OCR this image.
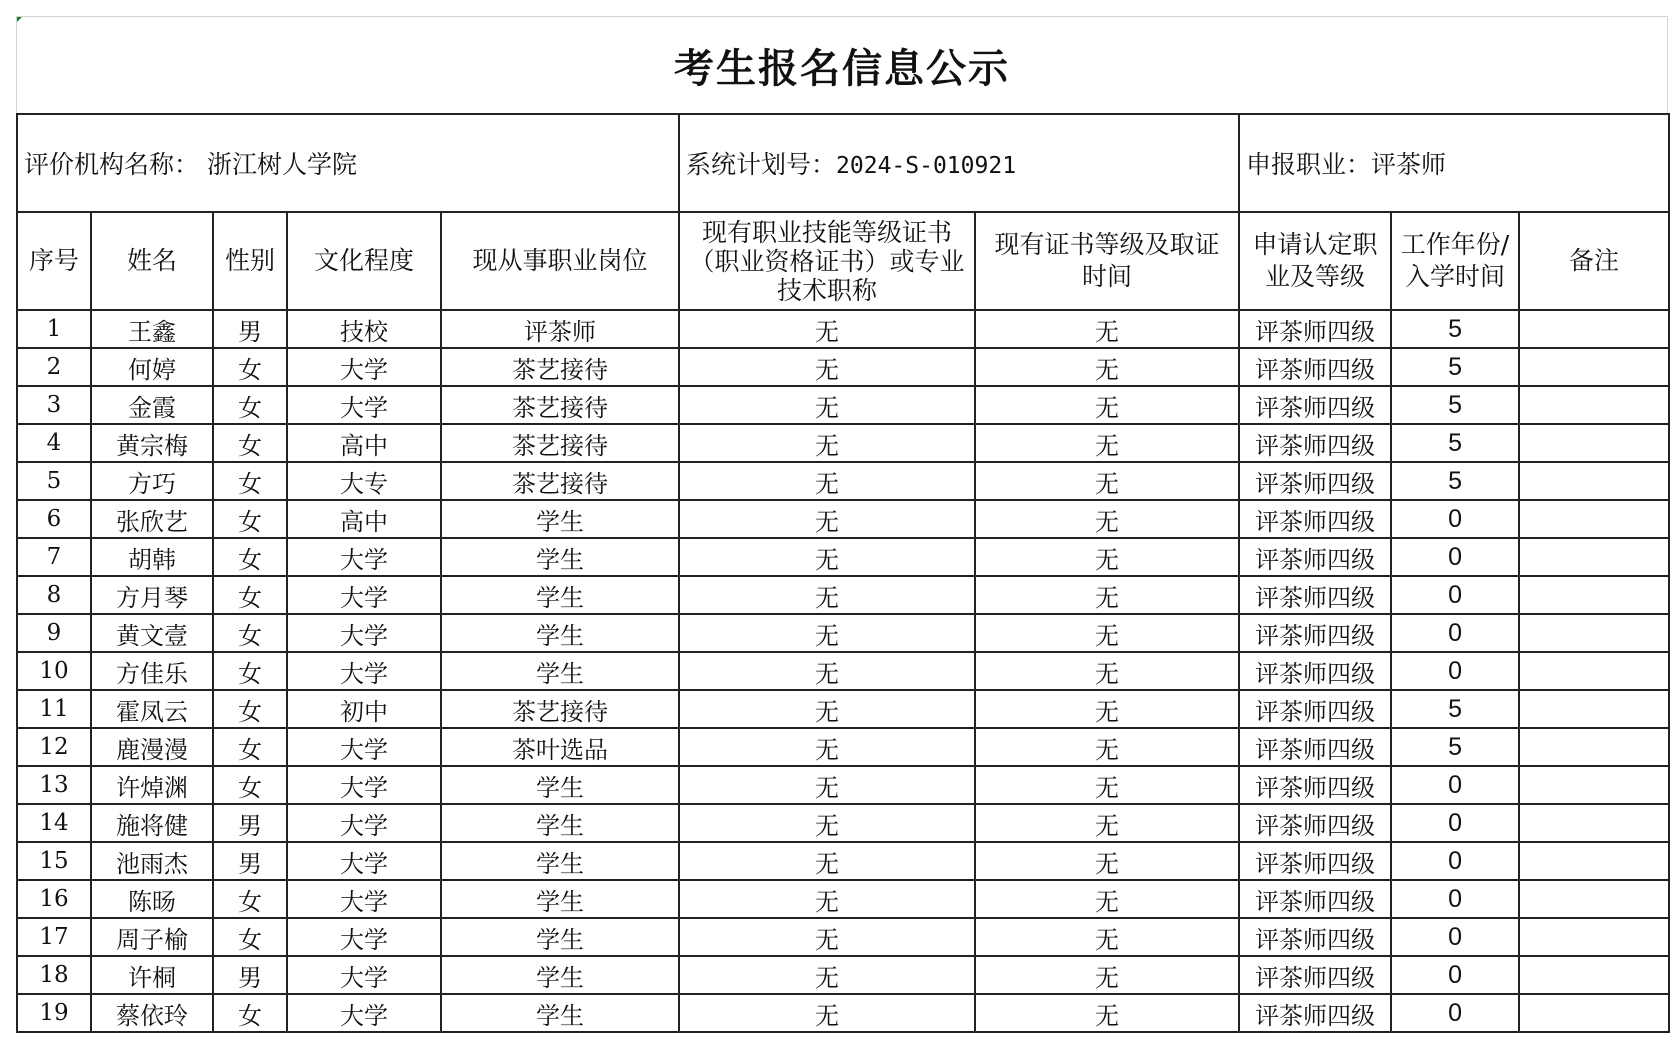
考生报名信息公示
评价机构名称： 浙江树人学院					系统计划号：2024-S-010921		申报职业：评茶师	
序号	姓名	性别	文化程度	现从事职业岗位	现有职业技能等级证书（职业资格证书）或专业技术职称	现有证书等级及取证时间	申请认定职业及等级	工作年份/入学时间	备注	
1	王鑫	男	技校	评茶师	无	无	评茶师四级	5		
2	何婷	女	大学	茶艺接待	无	无	评茶师四级	5		
3	金霞	女	大学	茶艺接待	无	无	评茶师四级	5		
4	黄宗梅	女	高中	茶艺接待	无	无	评茶师四级	5		
5	方巧	女	大专	茶艺接待	无	无	评茶师四级	5		
6	张欣艺	女	高中	学生	无	无	评茶师四级	0		
7	胡韩	女	大学	学生	无	无	评茶师四级	0		
8	方月琴	女	大学	学生	无	无	评茶师四级	0		
9	黄文壹	女	大学	学生	无	无	评茶师四级	0		
10	方佳乐	女	大学	学生	无	无	评茶师四级	0		
11	霍凤云	女	初中	茶艺接待	无	无	评茶师四级	5		
12	鹿漫漫	女	大学	茶叶选品	无	无	评茶师四级	5		
13	许焯渊	女	大学	学生	无	无	评茶师四级	0		
14	施将健	男	大学	学生	无	无	评茶师四级	0		
15	池雨杰	男	大学	学生	无	无	评茶师四级	0		
16	陈旸	女	大学	学生	无	无	评茶师四级	0		
17	周子榆	女	大学	学生	无	无	评茶师四级	0		
18	许桐	男	大学	学生	无	无	评茶师四级	0		
19	蔡依玲	女	大学	学生	无	无	评茶师四级	0		
